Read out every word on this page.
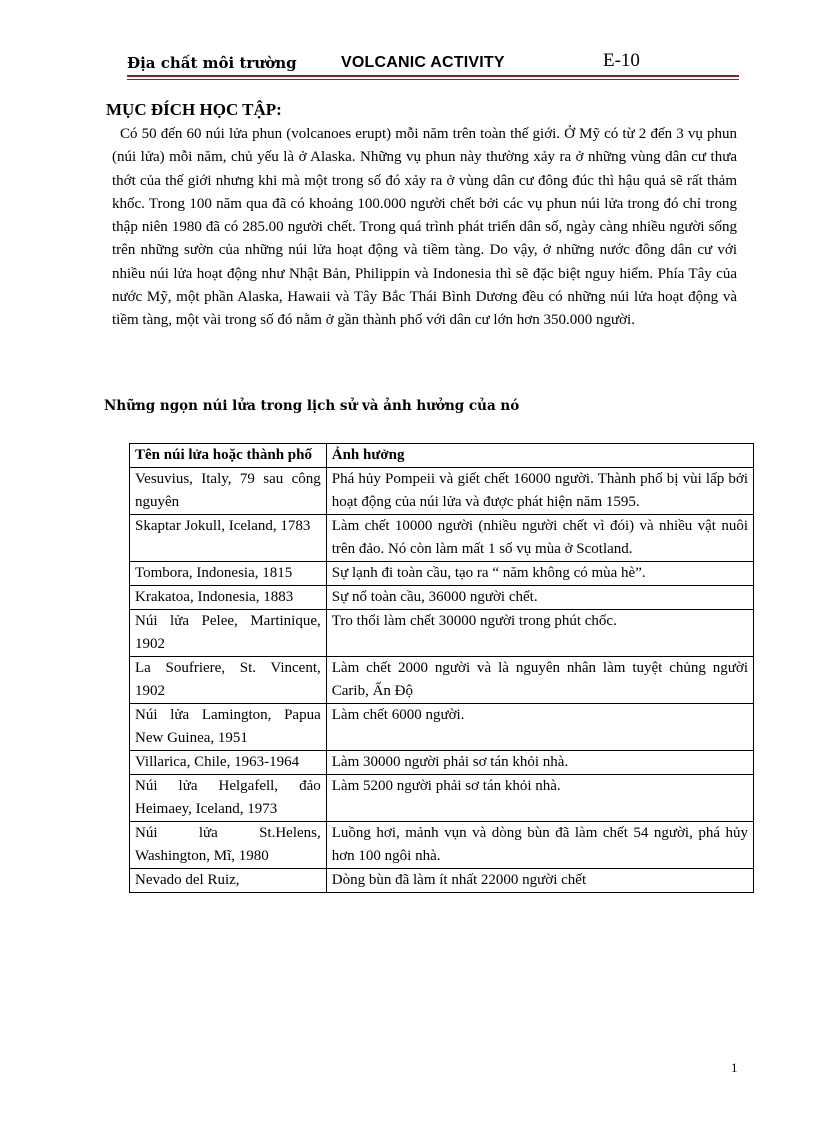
Địa chất môi trường	VOLCANIC ACTIVITY	E-10
MỤC ĐÍCH HỌC TẬP:

Có 50 đến 60 núi lửa phun (volcanoes erupt) mỗi năm trên toàn thế giới. Ở Mỹ có từ 2 đến 3 vụ phun (núi lửa) mỗi năm, chủ yếu là ở Alaska. Những vụ phun này thường xảy ra ở những vùng dân cư thưa thớt của thế giới nhưng khi mà một trong số đó xảy ra ở vùng dân cư đông đúc thì hậu quả sẽ rất thảm khốc. Trong 100 năm qua đã có khoảng 100.000 người chết bởi các vụ phun núi lửa trong đó chỉ trong thập niên 1980 đã có 285.00 người chết. Trong quá trình phát triển dân số, ngày càng nhiều người sống trên những sườn của những núi lửa hoạt động và tiềm tàng. Do vậy, ở những nước đông dân cư với nhiều núi lửa hoạt động như Nhật Bản, Philippin và Indonesia thì sẽ đặc biệt nguy hiểm. Phía Tây của nước Mỹ, một phần Alaska, Hawaii và Tây Bắc Thái Bình Dương đều có những núi lửa hoạt động và tiềm tàng, một vài trong số đó nằm ở gần thành phố với dân cư lớn hơn 350.000 người.

Những ngọn núi lửa trong lịch sử và ảnh hưởng của nó
Tên núi lửa hoặc thành phố	Ảnh hưởng
Vesuvius, Italy, 79 sau công nguyên	Phá hủy Pompeii và giết chết 16000 người. Thành phố bị vùi lấp bởi hoạt động của núi lửa và được phát hiện năm 1595.
Skaptar Jokull, Iceland, 1783	Làm chết 10000 người (nhiều người chết vì đói) và nhiều vật nuôi trên đảo. Nó còn làm mất 1 số vụ mùa ở Scotland.
Tombora, Indonesia, 1815	Sự lạnh đi toàn cầu, tạo ra “ năm không có mùa hè”.
Krakatoa, Indonesia, 1883	Sự nổ toàn cầu, 36000 người chết.
Núi lửa Pelee, Martinique, 1902	Tro thổi làm chết 30000 người trong phút chốc.
La Soufriere, St. Vincent, 1902	Làm chết 2000 người và là nguyên nhân làm tuyệt chủng người Carib, Ấn Độ
Núi lửa Lamington, Papua New Guinea, 1951	Làm chết 6000 người.
Villarica, Chile, 1963-1964	Làm 30000 người phải sơ tán khỏi nhà.
Núi lửa Helgafell, đảo Heimaey, Iceland, 1973	Làm 5200 người phải sơ tán khỏi nhà.
Núi lửa St.Helens, Washington, Mĩ, 1980	Luồng hơi, mảnh vụn và dòng bùn đã làm chết 54 người, phá hủy hơn 100 ngôi nhà.
Nevado del Ruiz,	Dòng bùn đã làm ít nhất 22000 người chết
1
